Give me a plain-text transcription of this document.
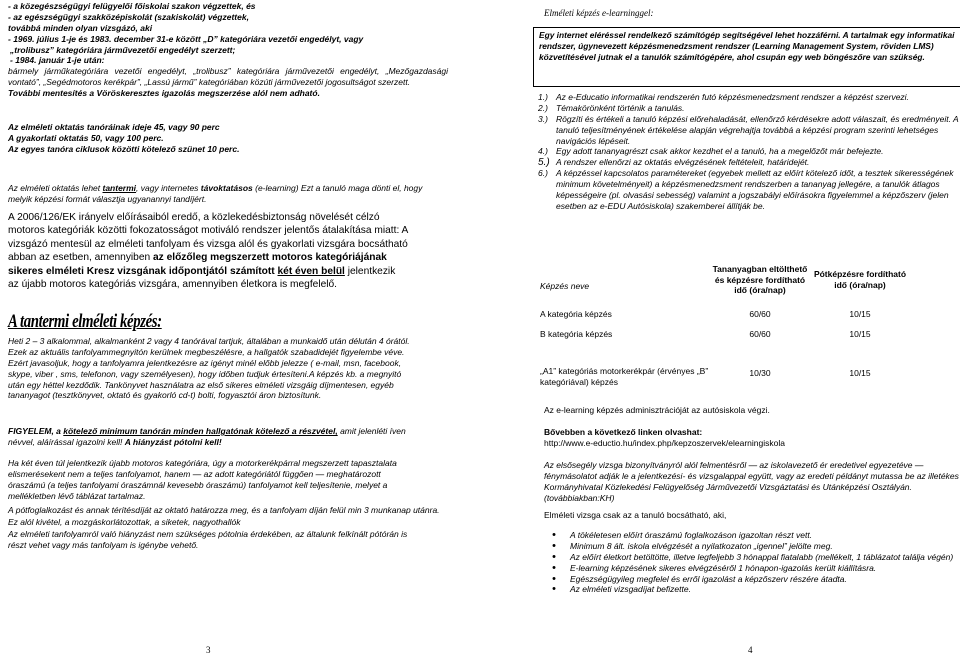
- a közegészségügyi felügyelői főiskolai szakon végzettek, és

- az egészségügyi szakközépiskolát (szakiskolát) végzettek,

továbbá minden olyan vizsgázó, aki

- 1969. július 1-je és 1983. december 31-e között „D” kategóriára vezetői engedélyt, vagy

„trolibusz” kategóriára járművezetői engedélyt szerzett;

- 1984. január 1-je után:

bármely járműkategóriára vezetői engedélyt, „trolibusz” kategóriára járművezetői engedélyt, „Mezőgazdasági vontató”, „Segédmotoros kerékpár”, „Lassú jármű” kategóriában közúti járművezetői jogosultságot szerzett.

További mentesítés a Vöröskeresztes igazolás megszerzése alól nem adható.

Az elméleti oktatás tanóráinak ideje 45, vagy 90 perc

A gyakorlati oktatás 50, vagy 100 perc.

Az egyes tanóra ciklusok közötti kötelező szünet 10 perc.

Az elméleti oktatás lehet tantermi, vagy internetes távoktatásos (e-learning) Ezt a tanuló maga dönti el, hogy melyik képzési formát választja ugyanannyi tandíjért.

A 2006/126/EK irányelv előírásaiból eredő, a közlekedésbiztonság növelését célzó motoros kategóriák közötti fokozatosságot motiváló rendszer jelentős átalakítása miatt: A vizsgázó mentesül az elméleti tanfolyam és vizsga alól és gyakorlati vizsgára bocsátható abban az esetben, amennyiben az előzőleg megszerzett motoros kategóriájának sikeres elméleti Kresz vizsgának időpontjától számított két éven belül jelentkezik az újabb motoros kategóriás vizsgára, amennyiben életkora is megfelelő.

A tantermi elméleti képzés:

Heti 2 – 3 alkalommal, alkalmanként 2 vagy 4 tanórával tartjuk, általában a munkaidő után délután 4 órától. Ezek az aktuális tanfolyammegnyitón kerülnek megbeszélésre, a hallgatók szabadidejét figyelembe véve. Ezért javasoljuk, hogy a tanfolyamra jelentkezésre az igényt minél előbb jelezze ( e-mail, msn, facebook, skype, viber , sms, telefonon, vagy személyesen), hogy időben tudjuk értesíteni.A képzés kb. a megnyitó után egy héttel kezdődik. Tankönyvet használatra az első sikeres elméleti vizsgáig díjmentesen, egyéb tananyagot (tesztkönyvet, oktató és gyakorló cd-t) bolti, fogyasztói áron biztosítunk.

FIGYELEM, a kötelező minimum tanórán minden hallgatónak kötelező a részvétel, amit jelenléti íven névvel, aláírással igazolni kell! A hiányzást pótolni kell!

Ha két éven túl jelentkezik újabb motoros kategóriára, úgy a motorkerékpárral megszerzett tapasztalata elismerésekent nem a teljes tanfolyamot, hanem — az adott kategóriától függően — meghatározott óraszámú (a teljes tanfolyami óraszámnál kevesebb óraszámú) tanfolyamot kell teljesítenie, melyet a mellékletben lévő táblázat tartalmaz.

A pótfoglalkozást és annak térítésdíját az oktató határozza meg, és a tanfolyam díján felül min 3 munkanap utánra.

Ez alól kivétel, a mozgáskorlátozottak, a siketek, nagyothallók

Az elméleti tanfolyamról való hiányzást nem szükséges pótolnia érdekében, az általunk felkínált pótórán is részt vehet vagy más tanfolyam is igénybe vehető.

3

Elméleti képzés e-learninggel:

Egy internet eléréssel rendelkező számítógép segítségével lehet hozzáférni. A tartalmak egy informatikai rendszer, úgynevezett képzésmenedzsment rendszer (Learning Management System, röviden LMS) közvetítésével jutnak el a tanulók számítógépére, ahol csupán egy web böngészőre van szükség.

1.) Az e-Educatio informatikai rendszerén futó képzésmenedzsment rendszer a képzést szervezi.
2.) Témakörönként történik a tanulás.
3.) Rögzíti és értékeli a tanuló képzési előrehaladását, ellenőrző kérdésekre adott válaszait, és eredményeit. A tanuló teljesítményének értékelése alapján végrehajtja továbbá a képzési program szerinti lehetséges navigációs lépéseit.
4.) Egy adott tananyagrészt csak akkor kezdhet el a tanuló, ha a megelőzőt már befejezte.
5.) A rendszer ellenőrzi az oktatás elvégzésének feltételeit, határidejét.
6.) A képzéssel kapcsolatos paramétereket (egyebek mellett az előírt kötelező időt, a tesztek sikerességének minimum követelményeit) a képzésmenedzsment rendszerben a tananyag jellegére, a tanulók átlagos képességeire (pl. olvasási sebesség) valamint a jogszabályi előírásokra figyelemmel a képzőszerv (jelen esetben az e-EDU Autósiskola) szakemberei állítják be.
Képzés neve	Tananyagban eltölthető és képzésre fordítható idő (óra/nap)	Pótképzésre fordítható idő (óra/nap)
A kategória képzés	60/60	10/15
B kategória képzés	60/60	10/15
„A1” kategóriás motorkerékpár (érvényes „B” kategóriával) képzés	10/30	10/15

Az e-learning képzés adminisztrációját az autósiskola végzi.

Bővebben a következő linken olvashat:

http://www.e-eductio.hu/index.php/kepzoszervek/elearningiskola

Az elsősegély vizsga bizonyítványról alól felmentésről — az iskolavezető ér eredetivel egyezetéve — fénymásolatot adják le a jelentkezési- és vizsgalappal együtt, vagy az eredeti példányt mutassa be az illetékes Kormányhivatal Közlekedési Felügyelőség Járművezetői Vizsgáztatási és Utánképzési Osztályán. (továbbiakban:KH)

Elméleti vizsga csak az a tanuló bocsátható, aki,

• A tökéletesen előírt óraszámú foglalkozáson igazoltan részt vett.
• Minimum 8 ált. iskola elvégzését a nyilatkozaton „igennel” jelölte meg.
• Az előírt életkort betöltötte, illetve legfeljebb 3 hónappal fiatalabb (mellékelt, 1 táblázatot találja végén)
• E-learning képzésének sikeres elvégzéséről 1 hónapon-igazolás került kiállításra.
• Egészségügyileg megfelel és erről igazolást a képzőszerv részére átadta.
• Az elméleti vizsgadíjat befizette.
4
